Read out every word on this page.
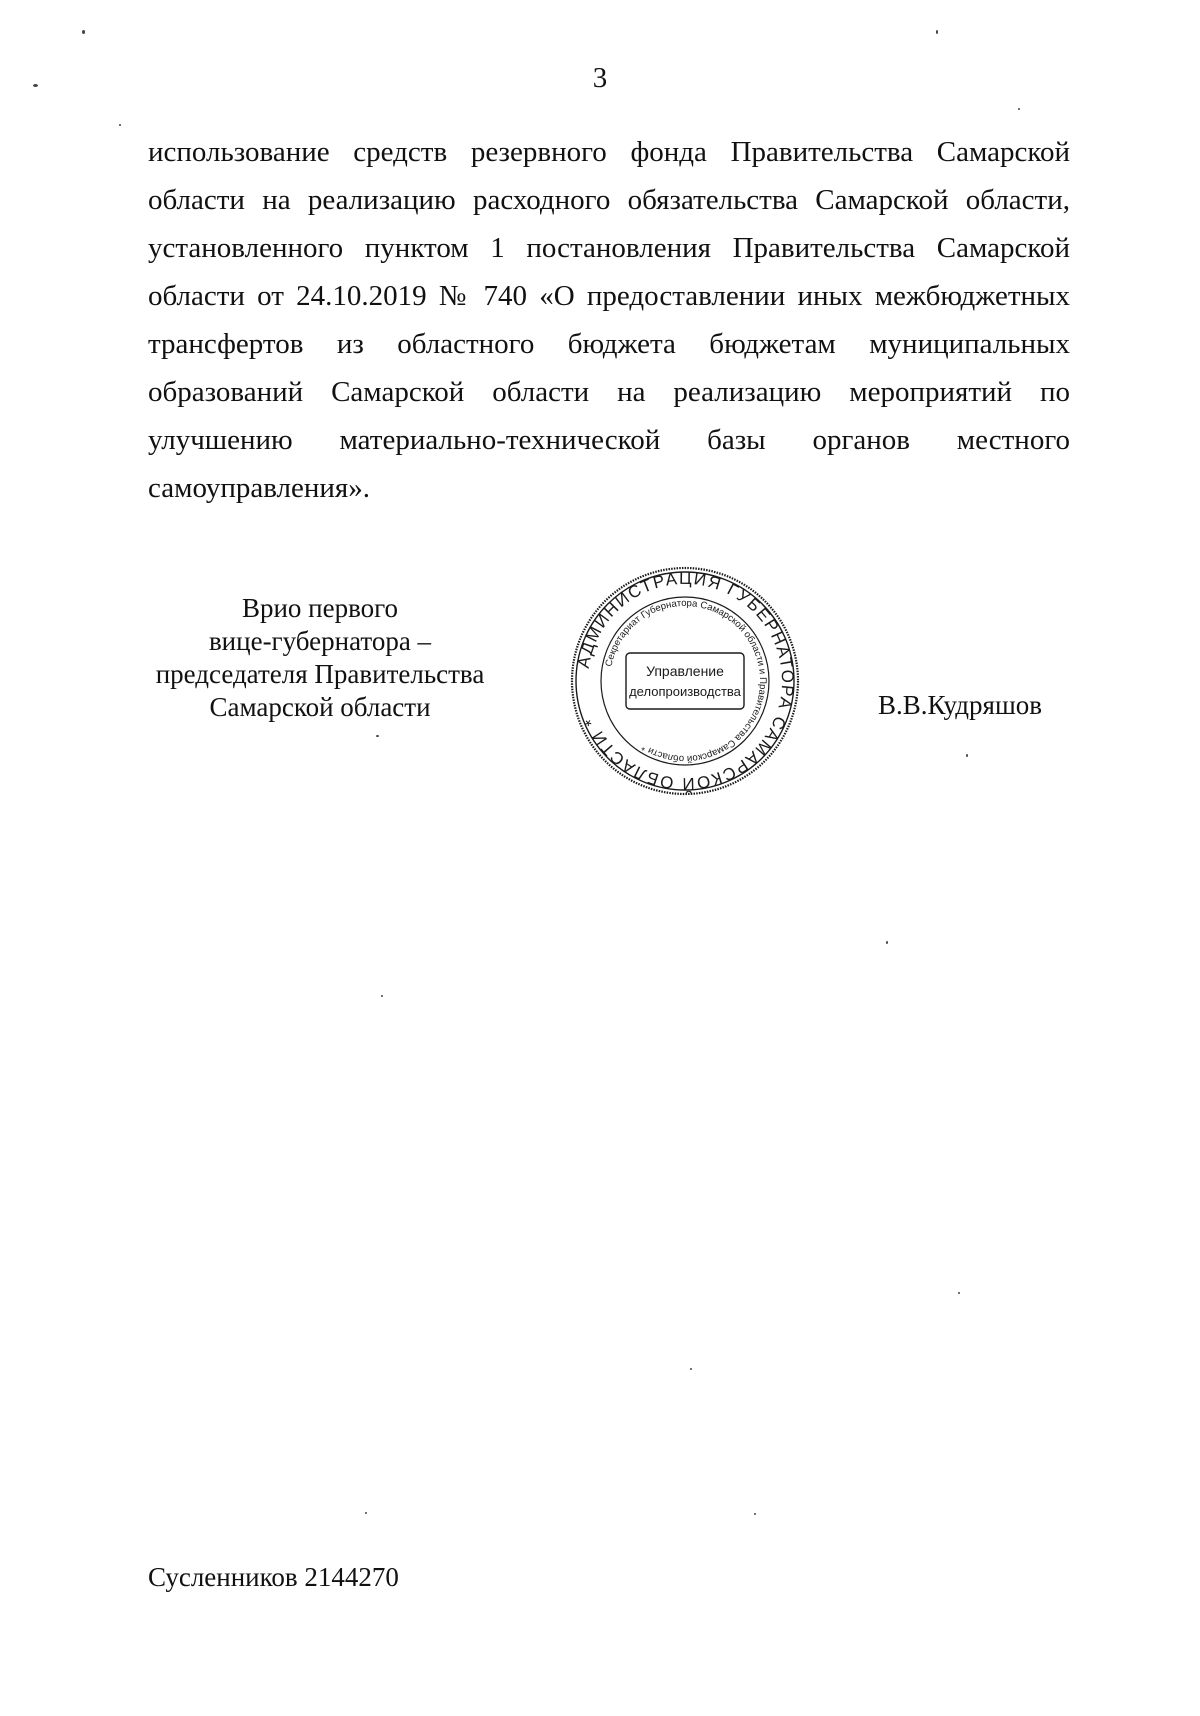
3
использование средств резервного фонда Правительства Самарской
области на реализацию расходного обязательства Самарской области,
установленного пунктом 1 постановления Правительства Самарской
области от 24.10.2019 № 740 «О предоставлении иных межбюджетных
трансфертов из областного бюджета бюджетам муниципальных
образований Самарской области на реализацию мероприятий по
улучшению материально-технической базы органов местного
самоуправления».
Врио первого
вице-губернатора –
председателя Правительства
Самарской области
АДМИНИСТРАЦИЯ ГУБЕРНАТОРА САМАРСКОЙ ОБЛАСТИ *
Секретариат Губернатора Самарской области и Правительства Самарской области *
Управление
делопроизводства	В.В.Кудряшов
Сусленников 2144270
